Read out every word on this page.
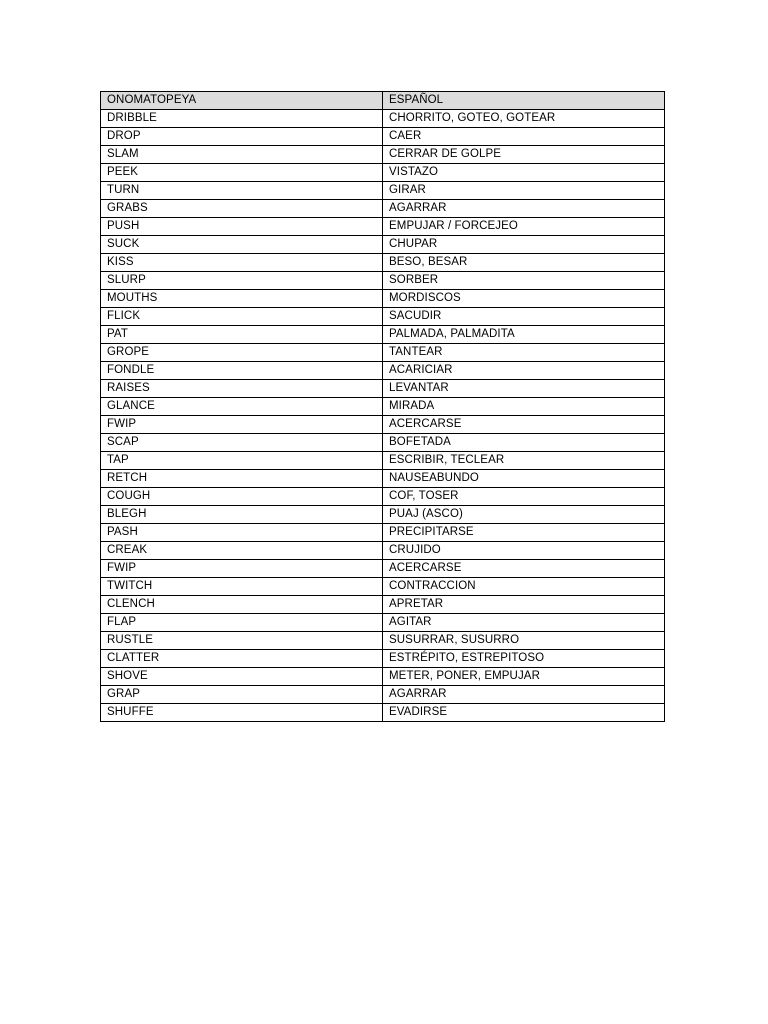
ONOMATOPEYA	ESPAÑOL
DRIBBLE	CHORRITO, GOTEO, GOTEAR
DROP	CAER
SLAM	CERRAR DE GOLPE
PEEK	VISTAZO
TURN	GIRAR
GRABS	AGARRAR
PUSH	EMPUJAR / FORCEJEO
SUCK	CHUPAR
KISS	BESO, BESAR
SLURP	SORBER
MOUTHS	MORDISCOS
FLICK	SACUDIR
PAT	PALMADA, PALMADITA
GROPE	TANTEAR
FONDLE	ACARICIAR
RAISES	LEVANTAR
GLANCE	MIRADA
FWIP	ACERCARSE
SCAP	BOFETADA
TAP	ESCRIBIR, TECLEAR
RETCH	NAUSEABUNDO
COUGH	COF, TOSER
BLEGH	PUAJ (ASCO)
PASH	PRECIPITARSE
CREAK	CRUJIDO
FWIP	ACERCARSE
TWITCH	CONTRACCION
CLENCH	APRETAR
FLAP	AGITAR
RUSTLE	SUSURRAR, SUSURRO
CLATTER	ESTRÉPITO, ESTREPITOSO
SHOVE	METER, PONER, EMPUJAR
GRAP	AGARRAR
SHUFFE	EVADIRSE
